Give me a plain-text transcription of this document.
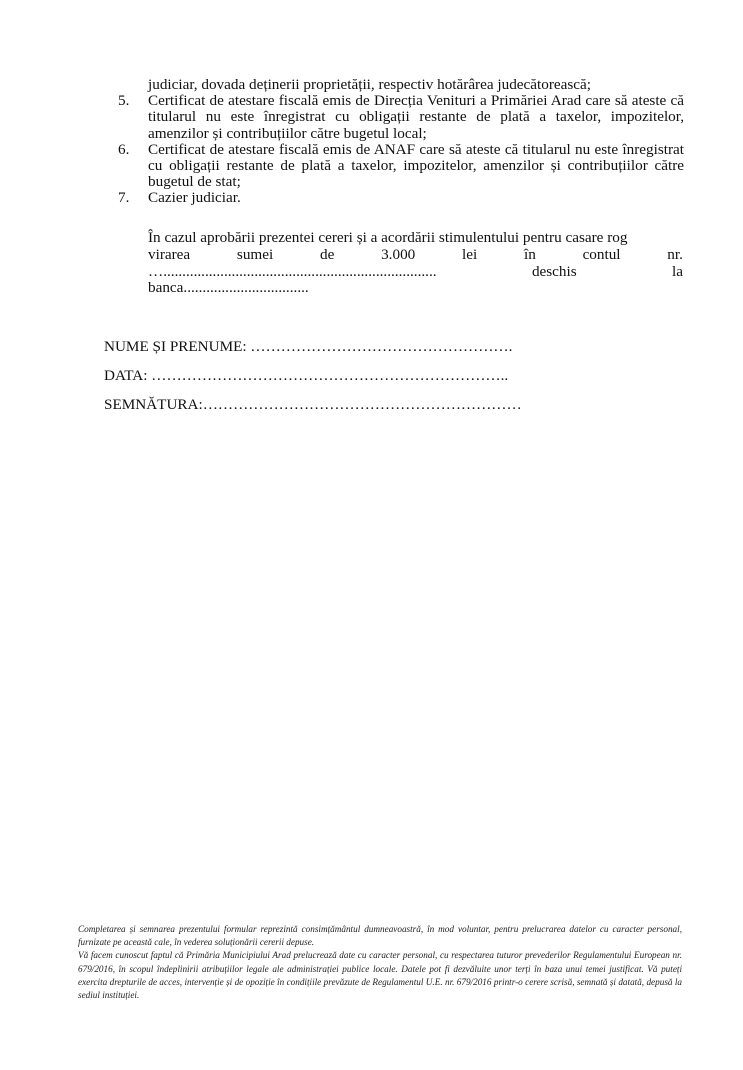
judiciar, dovada deținerii proprietății, respectiv hotărârea judecătorească;
5.	Certificat de atestare fiscală emis de Direcția Venituri a Primăriei Arad care să ateste că titularul nu este înregistrat cu obligații restante de plată a taxelor, impozitelor, amenzilor și contribuțiilor către bugetul local;
6.	Certificat de atestare fiscală emis de ANAF care să ateste că titularul nu este înregistrat cu obligații restante de plată a taxelor, impozitelor, amenzilor și contribuțiilor către bugetul de stat;
7.	Cazier judiciar.

În cazul aprobării prezentei cereri și a acordării stimulentului pentru casare rog

virarea	sumei	de	3.000	lei	în	contul	nr.
…........................................................................	deschis	la

banca.................................

NUME ȘI PRENUME: …………………………………………….
DATA: ……………………………………………………………..
SEMNĂTURA:………………………………………………………

Completarea și semnarea prezentului formular reprezintă consimțământul dumneavoastră, în mod voluntar, pentru prelucrarea datelor cu caracter personal, furnizate pe această cale, în vederea soluționării cererii depuse.

Vă facem cunoscut faptul că Primăria Municipiului Arad prelucrează date cu caracter personal, cu respectarea tuturor prevederilor Regulamentului European nr. 679/2016, în scopul îndeplinirii atribuțiilor legale ale administrației publice locale. Datele pot fi dezvăluite unor terți în baza unui temei justificat. Vă puteți exercita drepturile de acces, intervenție și de opoziție în condițiile prevăzute de Regulamentul U.E. nr. 679/2016 printr-o cerere scrisă, semnată și datată, depusă la sediul instituției.
